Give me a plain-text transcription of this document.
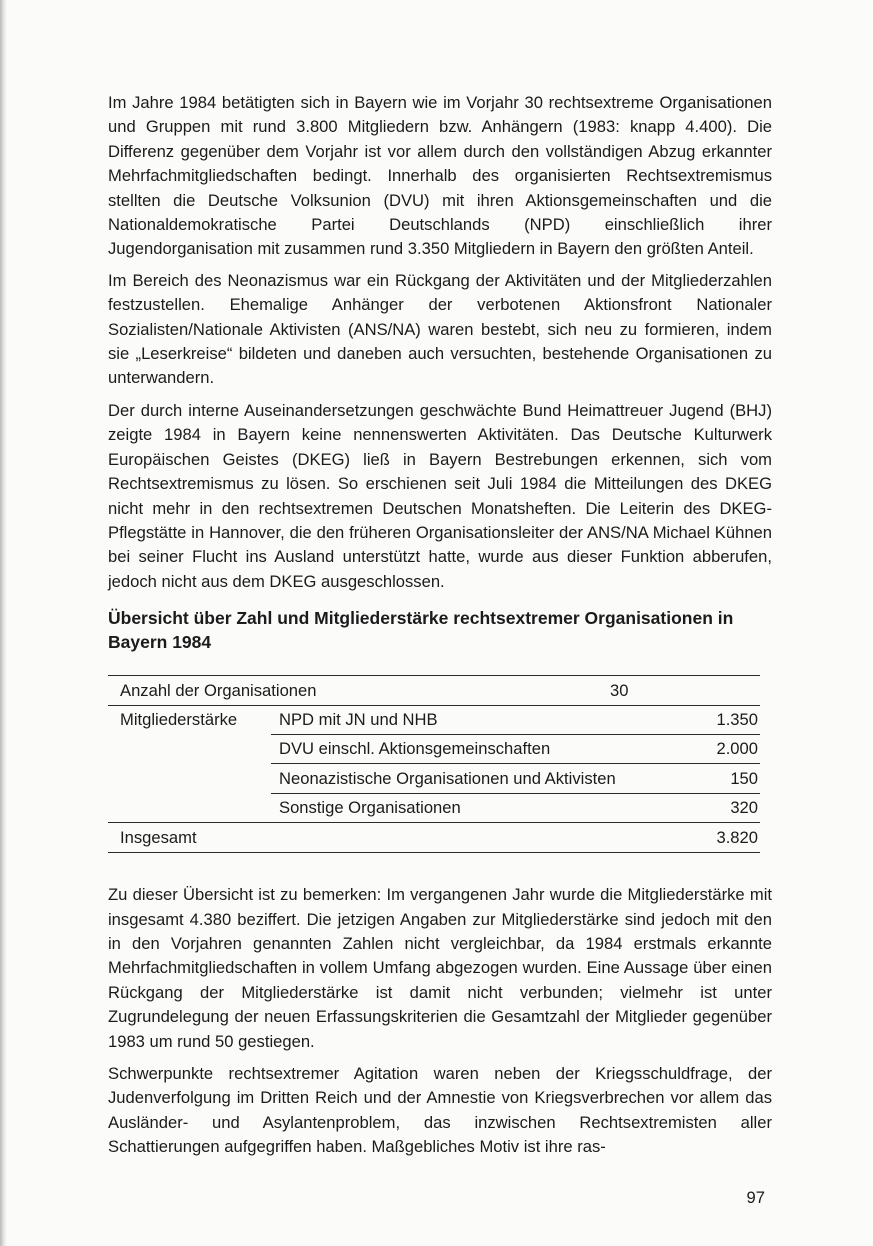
Im Jahre 1984 betätigten sich in Bayern wie im Vorjahr 30 rechtsextreme Organisationen und Gruppen mit rund 3.800 Mitgliedern bzw. Anhängern (1983: knapp 4.400). Die Differenz gegenüber dem Vorjahr ist vor allem durch den vollständigen Abzug erkannter Mehrfachmitgliedschaften bedingt. Innerhalb des organisierten Rechtsextremismus stellten die Deutsche Volksunion (DVU) mit ihren Aktionsgemeinschaften und die Nationaldemokratische Partei Deutschlands (NPD) einschließlich ihrer Jugendorganisation mit zusammen rund 3.350 Mitgliedern in Bayern den größten Anteil.

Im Bereich des Neonazismus war ein Rückgang der Aktivitäten und der Mitgliederzahlen festzustellen. Ehemalige Anhänger der verbotenen Aktionsfront Nationaler Sozialisten/Nationale Aktivisten (ANS/NA) waren bestebt, sich neu zu formieren, indem sie „Leserkreise“ bildeten und daneben auch versuchten, bestehende Organisationen zu unterwandern.

Der durch interne Auseinandersetzungen geschwächte Bund Heimattreuer Jugend (BHJ) zeigte 1984 in Bayern keine nennenswerten Aktivitäten. Das Deutsche Kulturwerk Europäischen Geistes (DKEG) ließ in Bayern Bestrebungen erkennen, sich vom Rechtsextremismus zu lösen. So erschienen seit Juli 1984 die Mitteilungen des DKEG nicht mehr in den rechtsextremen Deutschen Monatsheften. Die Leiterin des DKEG-Pflegstätte in Hannover, die den früheren Organisationsleiter der ANS/NA Michael Kühnen bei seiner Flucht ins Ausland unterstützt hatte, wurde aus dieser Funktion abberufen, jedoch nicht aus dem DKEG ausgeschlossen.

Übersicht über Zahl und Mitgliederstärke rechtsextremer Organisationen in Bayern 1984

Anzahl der Organisationen	30
Mitgliederstärke	NPD mit JN und NHB	1.350
DVU einschl. Aktionsgemeinschaften	2.000
Neonazistische Organisationen und Aktivisten	150
Sonstige Organisationen	320
Insgesamt	3.820

Zu dieser Übersicht ist zu bemerken: Im vergangenen Jahr wurde die Mitgliederstärke mit insgesamt 4.380 beziffert. Die jetzigen Angaben zur Mitgliederstärke sind jedoch mit den in den Vorjahren genannten Zahlen nicht vergleichbar, da 1984 erstmals erkannte Mehrfachmitgliedschaften in vollem Umfang abgezogen wurden. Eine Aussage über einen Rückgang der Mitgliederstärke ist damit nicht verbunden; vielmehr ist unter Zugrundelegung der neuen Erfassungskriterien die Gesamtzahl der Mitglieder gegenüber 1983 um rund 50 gestiegen.

Schwerpunkte rechtsextremer Agitation waren neben der Kriegsschuldfrage, der Judenverfolgung im Dritten Reich und der Amnestie von Kriegsverbrechen vor allem das Ausländer- und Asylantenproblem, das inzwischen Rechtsextremisten aller Schattierungen aufgegriffen haben. Maßgebliches Motiv ist ihre ras-

97
